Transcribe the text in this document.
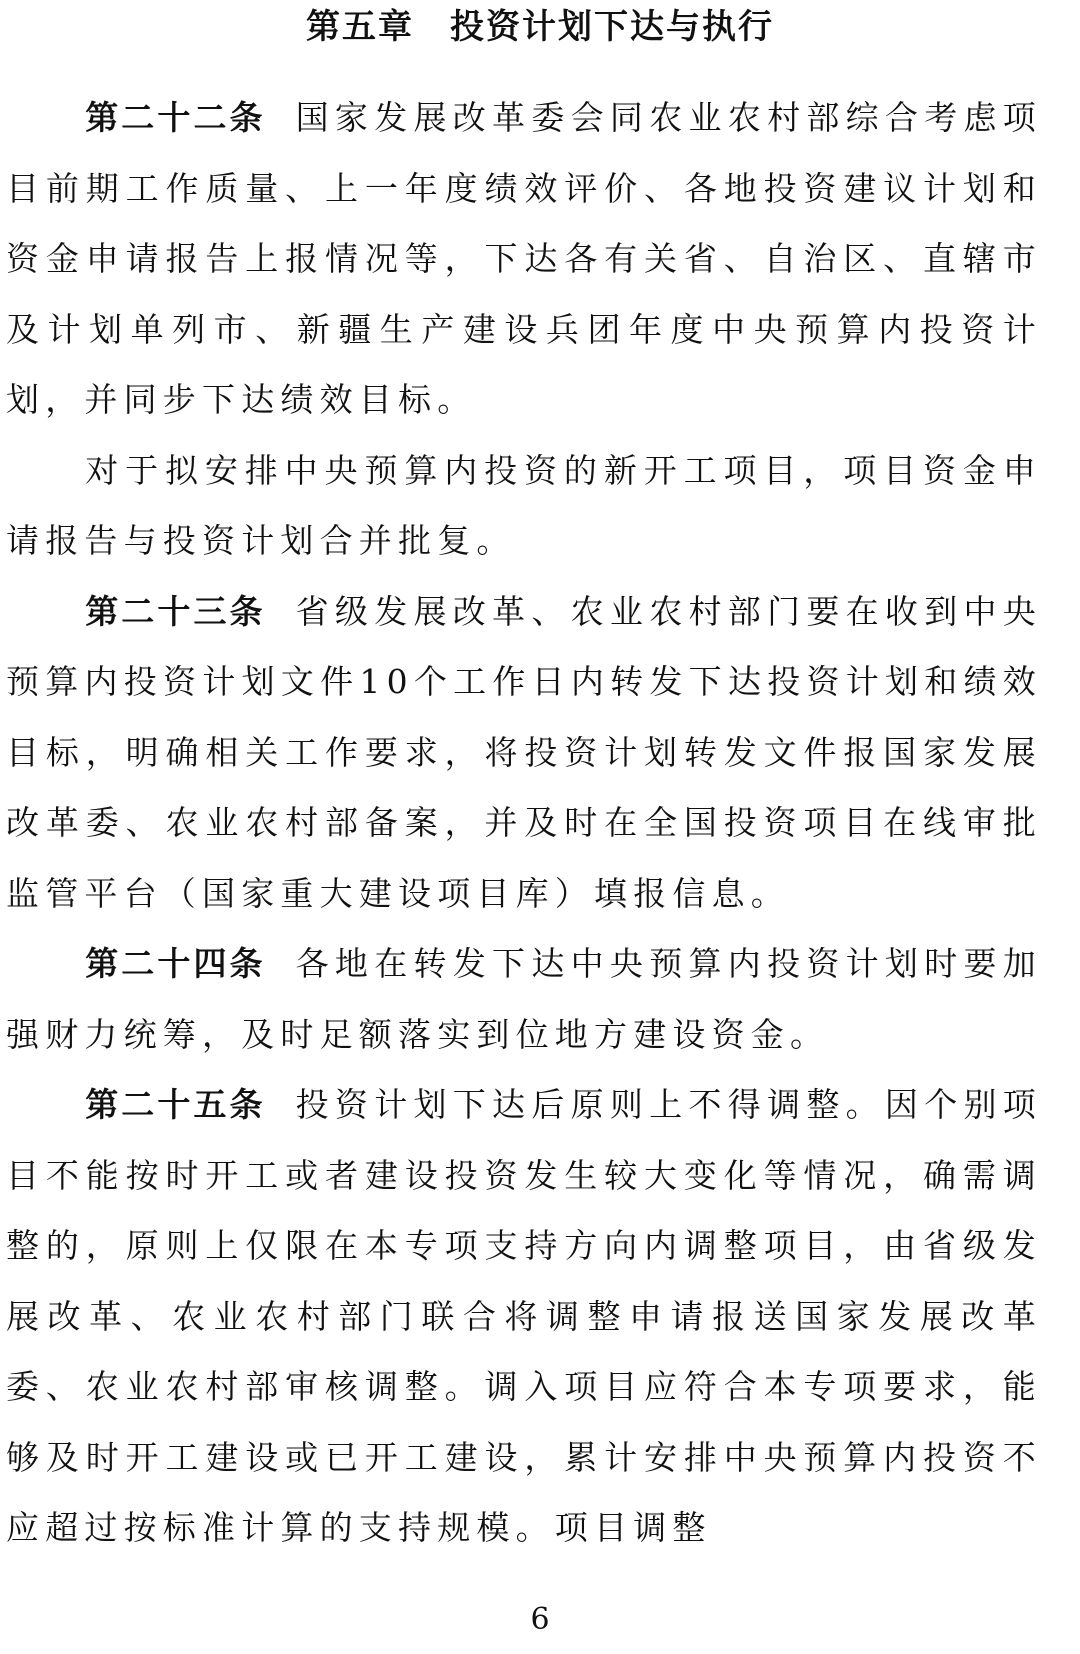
第五章 投资计划下达与执行

第二十二条 国家发展改革委会同农业农村部综合考虑项目前期工作质量、上一年度绩效评价、各地投资建议计划和资金申请报告上报情况等，下达各有关省、自治区、直辖市及计划单列市、新疆生产建设兵团年度中央预算内投资计划，并同步下达绩效目标。

对于拟安排中央预算内投资的新开工项目，项目资金申请报告与投资计划合并批复。

第二十三条 省级发展改革、农业农村部门要在收到中央预算内投资计划文件10个工作日内转发下达投资计划和绩效目标，明确相关工作要求，将投资计划转发文件报国家发展改革委、农业农村部备案，并及时在全国投资项目在线审批监管平台（国家重大建设项目库）填报信息。

第二十四条 各地在转发下达中央预算内投资计划时要加强财力统筹，及时足额落实到位地方建设资金。

第二十五条 投资计划下达后原则上不得调整。因个别项目不能按时开工或者建设投资发生较大变化等情况，确需调整的，原则上仅限在本专项支持方向内调整项目，由省级发展改革、农业农村部门联合将调整申请报送国家发展改革委、农业农村部审核调整。调入项目应符合本专项要求，能够及时开工建设或已开工建设，累计安排中央预算内投资不应超过按标准计算的支持规模。项目调整

6
